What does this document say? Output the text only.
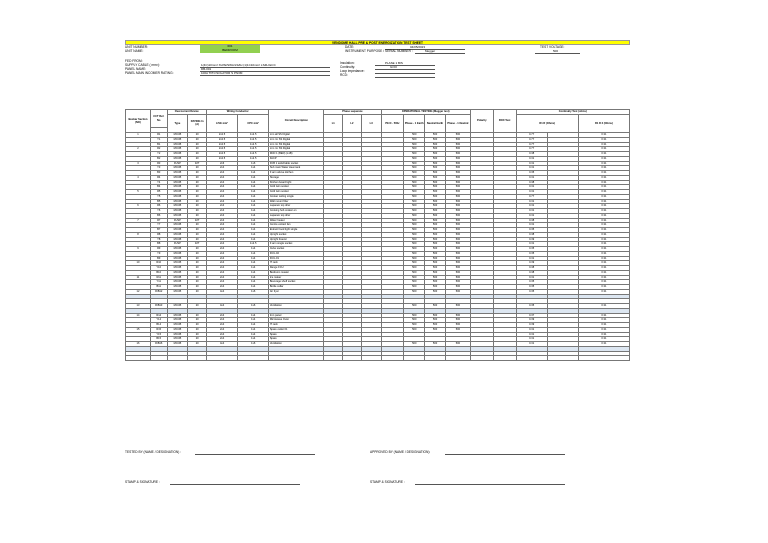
VENDOME HALL PRE & POST ENERGIZATION TEST SHEET
UNIT NUMBER:	001
UNIT NAME:	BEDROOM
FED FROM:
SUPPLY CABLE ( mm²):	1(4C)10mm² XLPE/SWA/LSZH (1)1C10mm² LSZH ECC
PANEL NAME:	DB-001
PANEL MAIN INCOMER RATING:	100A TPN ISOLATOR S PN3M
DATE:	04/05/2023
INSTRUMENT PURPOSE / SERIAL NUMBER :	Megger
Insulation:	PLASE 1 BIS
Continuity:	GOO
Loop impedance:
RCD:
TEST VOLTAGE:
500
Busbar Section (NO)	CCT Ref. No	Overcurrent Device		Wiring Conductor		Circuit Description	Phase sequence			OPERATIONAL TESTING (Megger test)				Polarity	RCD Test	Continuity Test (ohms)		
		Type	RATING In (A)	LIVE mm²	CPC mm²		L1	L2	L3	PE N - 500v	Phase - 1 Earth	Neutral Earth	Phase - 1 Neutral			R1 R (Ohms)		R1 R 2 (Ohms)

1	R1	MCCB	20	2x2.5	1x2.5	Lrm all SS Digital					500	500	500			0.77		0.31
	Y1	MCCB	20	2x2.5	1x2.5	Lrm rm SS Digital					500	500	500			0.77		0.31
	B1	MCCB	20	2x2.5	1x2.5	Lrm rm SS Digital					500	500	500			0.77		0.31
2	R2	MCCB	20	2x2.5	1x2.5	Lrm rm SS Digital					500	500	500			0.77		0.31
	Y2	MCCB	20	2x2.5	1x2.5	RCD 1 (BED) (L1B)					500	500	500			0.38		0.31
	B2	MCCB	20	2x2.5	1x2.5	FACP					500	500	500			0.31		0.31
3	R3	FUSP	32T	2x6	1x6	FCB 1 switchable socket					500	500	500			0.31		0.31
	Y3	MCCB	20	2x4	1x4	Sub main Water Heat tank					500	500	500			0.31		0.31
	B3	MCCB	20	2x4	1x4	F arm above kitchen					500	500	500			0.35		0.31
4	R4	MCCB	20	2x4	1x4	Storage					500	500	500			0.31		0.31
	Y4	MCCB	20	2x4	1x4	Kitchen board light					500	500	500			0.38		0.31
	B4	MCCB	20	2x4	1x4	Cold twin socket					500	500	500			0.31		0.31
5	R5	MCCB	20	2x4	1x4	Cold twin socket					500	500	500			0.31		0.31
	Y5	MCCB	20	2x4	1x4	Cooker ceiling single					500	500	500			0.77		0.31
	B5	MCCB	20	2x4	1x4	Wall mount filter					500	500	500			0.31		0.31
6	R6	MCCB	20	2x4	1x4	Laparam top drier					500	500	500			0.31		0.31
	Y6	MCCB	20	2x4	1x4	Cooking hob cooker en					500	500	500			0.31		0.31
	B6	MCCB	20	2x4	1x4	Laparam top drier					500	500	500			0.31		0.31
7	R7	FUSP	32T	2x4	1x4	Water heater					500	500	500			0.38		0.31
	Y7	MCCB	20	2x4	1x4	Centre extract fan					500	500	500			0.31		0.31
	B7	MCCB	20	2x4	1x4	Extract hood light single					500	500	500			0.35		0.31
8	R8	MCCB	20	2x4	1x4	Upright socket					500	500	500			0.38		0.31
	Y8	MCCB	20	2x4	1x4	Upright freezer					500	500	500			0.39		0.31
	B8	FUSP	32T	2x4	1x2.5	F arm single socket					500	500	500			0.31		0.31
9	R9	MCCB	20	2x4	1x4	Cube socket					500	500	500			0.35		0.31
	Y9	MCCB	20	2x4	1x4	FCU-02					500	500	500			0.35		0.31
	B9	MCCB	20	2x4	1x4	FCU-01					500	500	500			0.31		0.31
10	R10	MCCB	20	2x4	1x4	IT rack					500	500	500			0.39		0.31
	Y10	MCCB	20	2x4	1x4	Range FCU					500	500	500			0.38		0.31
	B10	MCCB	20	2x4	1x4	Bedroom master					500	500	500			0.38		0.31
11	R11	MCCB	20	2x4	1x4	Ice maker					500	500	500			0.31		0.31
	Y11	MCCB	20	2x4	1x4	Beverage shelf socket					500	500	500			0.35		0.31
	B11	MCCB	20	2x4	1x4	Bottle cellar					500	500	500			0.35		0.31
12	R/B12	MCCB	20	4x4	1x6	Air fryer					500	500	500			0.35		0.31

13	R/B13	MCCB	20	4x4	1x6	Ventilation					500	500	500			0.35		0.31

14	R14	MCCB	20	2x4	1x4	Iron panel					500	500	500			0.37		0.31
	Y14	MCCB	20	2x4	1x4	Microwave Oven					500	500	500			0.39		0.31
	B14	MCCB	20	2x4	1x4	IT rack					500	500	500			0.39		0.31
15	R15	MCCB	20	2x4	1x4	Spare outlet 01					500	500	500			0.31		0.31
	Y15	MCCB	20	2x4	1x4	Spare										0.31		0.31
	B15	MCCB	20	2x4	1x4	Spare										0.31		0.31
16	R/B16	MCCB	20	4x4	1x6	Ventilation					500	500	500			0.31		0.31

TESTED BY (NAME / DESIGNATION) :	APPROVED BY (NAME / DESIGNATION):
STAMP & SIGNATURE :	STAMP & SIGNATURE :
